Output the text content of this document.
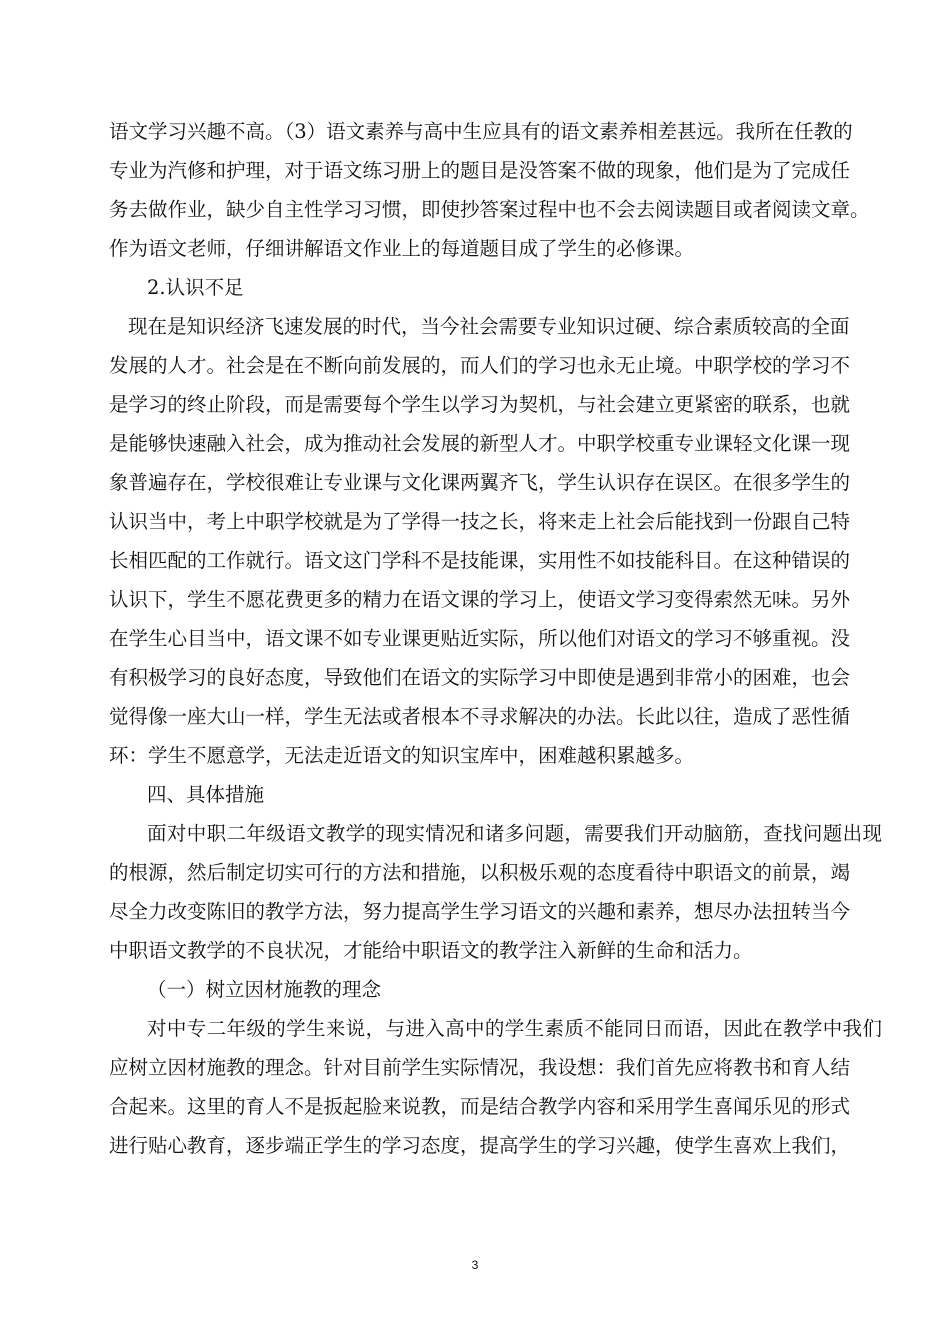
语文学习兴趣不高。（3）语文素养与高中生应具有的语文素养相差甚远。我所在任教的
专业为汽修和护理，对于语文练习册上的题目是没答案不做的现象，他们是为了完成任
务去做作业，缺少自主性学习习惯，即使抄答案过程中也不会去阅读题目或者阅读文章。
作为语文老师，仔细讲解语文作业上的每道题目成了学生的必修课。
2.认识不足
现在是知识经济飞速发展的时代，当今社会需要专业知识过硬、综合素质较高的全面
发展的人才。社会是在不断向前发展的，而人们的学习也永无止境。中职学校的学习不
是学习的终止阶段，而是需要每个学生以学习为契机，与社会建立更紧密的联系，也就
是能够快速融入社会，成为推动社会发展的新型人才。中职学校重专业课轻文化课一现
象普遍存在，学校很难让专业课与文化课两翼齐飞，学生认识存在误区。在很多学生的
认识当中，考上中职学校就是为了学得一技之长，将来走上社会后能找到一份跟自己特
长相匹配的工作就行。语文这门学科不是技能课，实用性不如技能科目。在这种错误的
认识下，学生不愿花费更多的精力在语文课的学习上，使语文学习变得索然无味。另外
在学生心目当中，语文课不如专业课更贴近实际，所以他们对语文的学习不够重视。没
有积极学习的良好态度，导致他们在语文的实际学习中即使是遇到非常小的困难，也会
觉得像一座大山一样，学生无法或者根本不寻求解决的办法。长此以往，造成了恶性循
环：学生不愿意学，无法走近语文的知识宝库中，困难越积累越多。
四、具体措施
面对中职二年级语文教学的现实情况和诸多问题，需要我们开动脑筋，查找问题出现
的根源，然后制定切实可行的方法和措施，以积极乐观的态度看待中职语文的前景，竭
尽全力改变陈旧的教学方法，努力提高学生学习语文的兴趣和素养，想尽办法扭转当今
中职语文教学的不良状况，才能给中职语文的教学注入新鲜的生命和活力。
（一）树立因材施教的理念
对中专二年级的学生来说，与进入高中的学生素质不能同日而语，因此在教学中我们
应树立因材施教的理念。针对目前学生实际情况，我设想：我们首先应将教书和育人结
合起来。这里的育人不是扳起脸来说教，而是结合教学内容和采用学生喜闻乐见的形式
进行贴心教育，逐步端正学生的学习态度，提高学生的学习兴趣，使学生喜欢上我们，
3
